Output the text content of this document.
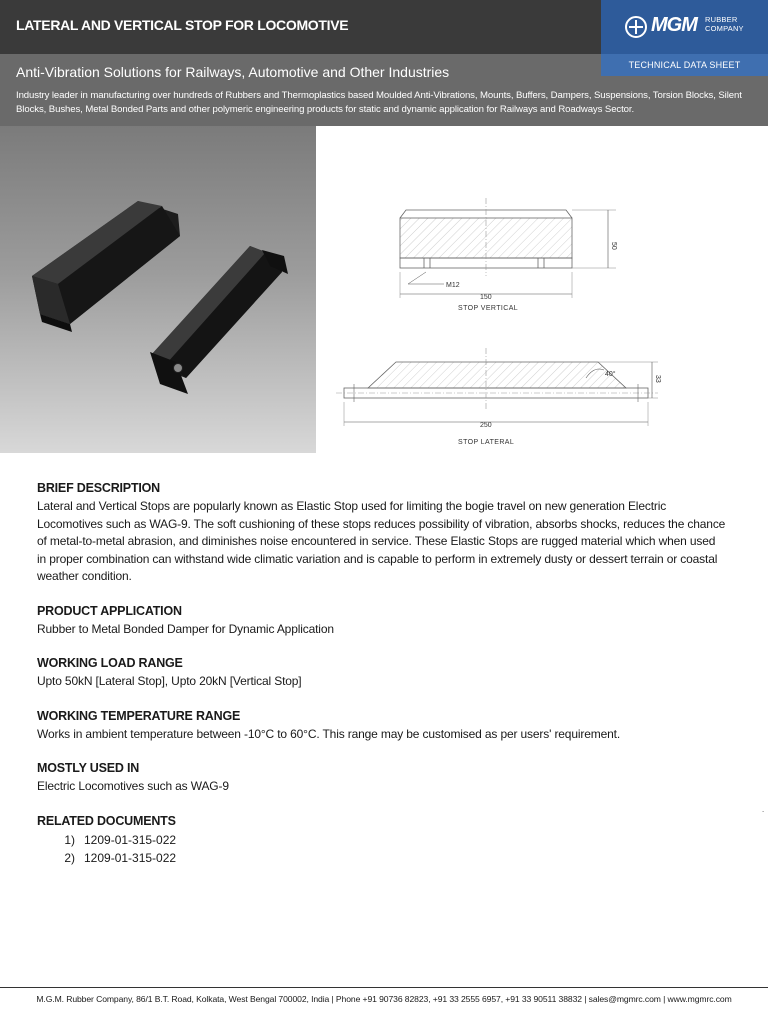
LATERAL AND VERTICAL STOP FOR LOCOMOTIVE	MGM RUBBER
COMPANY
Anti-Vibration Solutions for Railways, Automotive and Other Industries	TECHNICAL DATA SHEET
Industry leader in manufacturing over hundreds of Rubbers and Thermoplastics based Moulded Anti-Vibrations, Mounts, Buffers, Dampers, Suspensions, Torsion Blocks, Silent Blocks, Bushes, Metal Bonded Parts and other polymeric engineering products for static and dynamic application for Railways and Roadways Sector.
50
M12
150
STOP VERTICAL
40°
33
250
STOP LATERAL
BRIEF DESCRIPTION
Lateral and Vertical Stops are popularly known as Elastic Stop used for limiting the bogie travel on new generation Electric Locomotives such as WAG-9. The soft cushioning of these stops reduces possibility of vibration, absorbs shocks, reduces the chance of metal-to-metal abrasion, and diminishes noise encountered in service. These Elastic Stops are rugged material which when used in proper combination can withstand wide climatic variation and is capable to perform in extremely dusty or dessert terrain or coastal weather condition.
PRODUCT APPLICATION
Rubber to Metal Bonded Damper for Dynamic Application
WORKING LOAD RANGE
Upto 50kN [Lateral Stop], Upto 20kN [Vertical Stop]
WORKING TEMPERATURE RANGE
Works in ambient temperature between -10°C to 60°C. This range may be customised as per users' requirement.
MOSTLY USED IN
Electric Locomotives such as WAG-9
RELATED DOCUMENTS
1) 1209-01-315-022
2) 1209-01-315-022
˙
M.G.M. Rubber Company, 86/1 B.T. Road, Kolkata, West Bengal 700002, India | Phone +91 90736 82823, +91 33 2555 6957, +91 33 90511 38832 | sales@mgmrc.com | www.mgmrc.com
